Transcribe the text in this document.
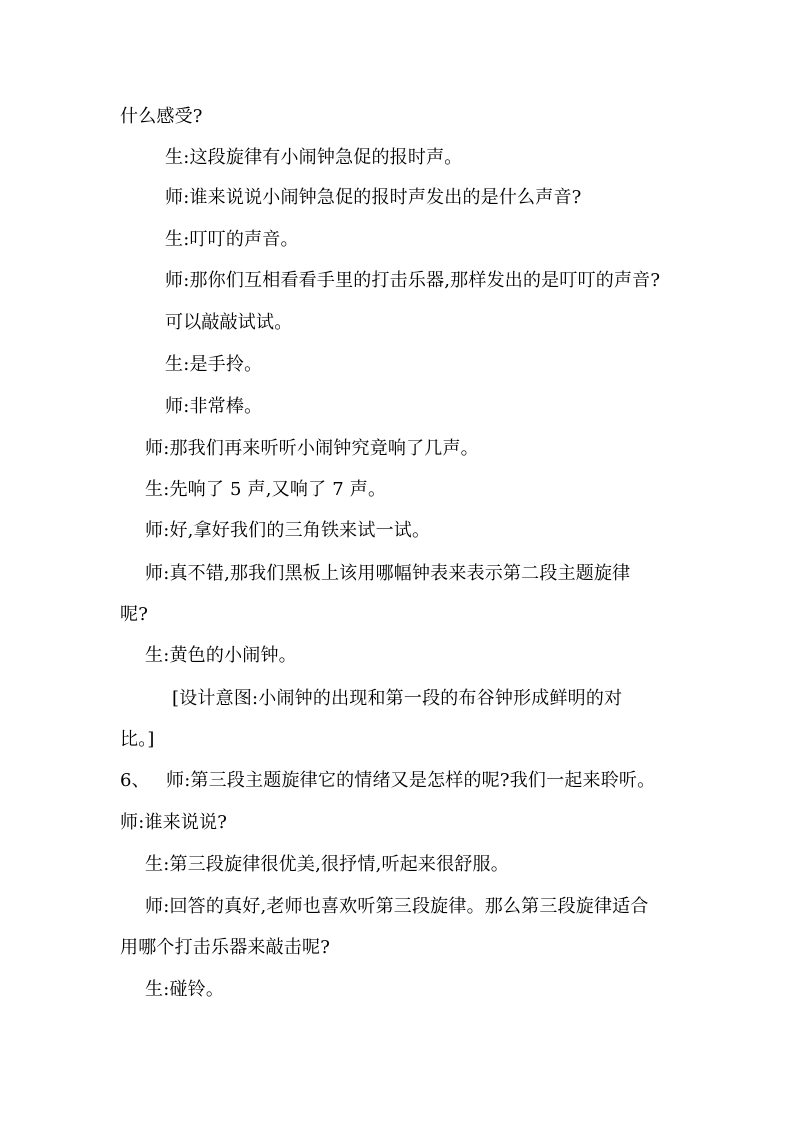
什么感受?
生:这段旋律有小闹钟急促的报时声。
师:谁来说说小闹钟急促的报时声发出的是什么声音?
生:叮叮的声音。
师:那你们互相看看手里的打击乐器,那样发出的是叮叮的声音?
可以敲敲试试。
生:是手拎。
师:非常棒。
师:那我们再来听听小闹钟究竟响了几声。
生:先响了 5 声,又响了 7 声。
师:好,拿好我们的三角铁来试一试。
师:真不错,那我们黑板上该用哪幅钟表来表示第二段主题旋律
呢?
生:黄色的小闹钟。
[设计意图:小闹钟的出现和第一段的布谷钟形成鲜明的对
比。]
6、 师:第三段主题旋律它的情绪又是怎样的呢?我们一起来聆听。
师:谁来说说?
生:第三段旋律很优美,很抒情,听起来很舒服。
师:回答的真好,老师也喜欢听第三段旋律。那么第三段旋律适合
用哪个打击乐器来敲击呢?
生:碰铃。
